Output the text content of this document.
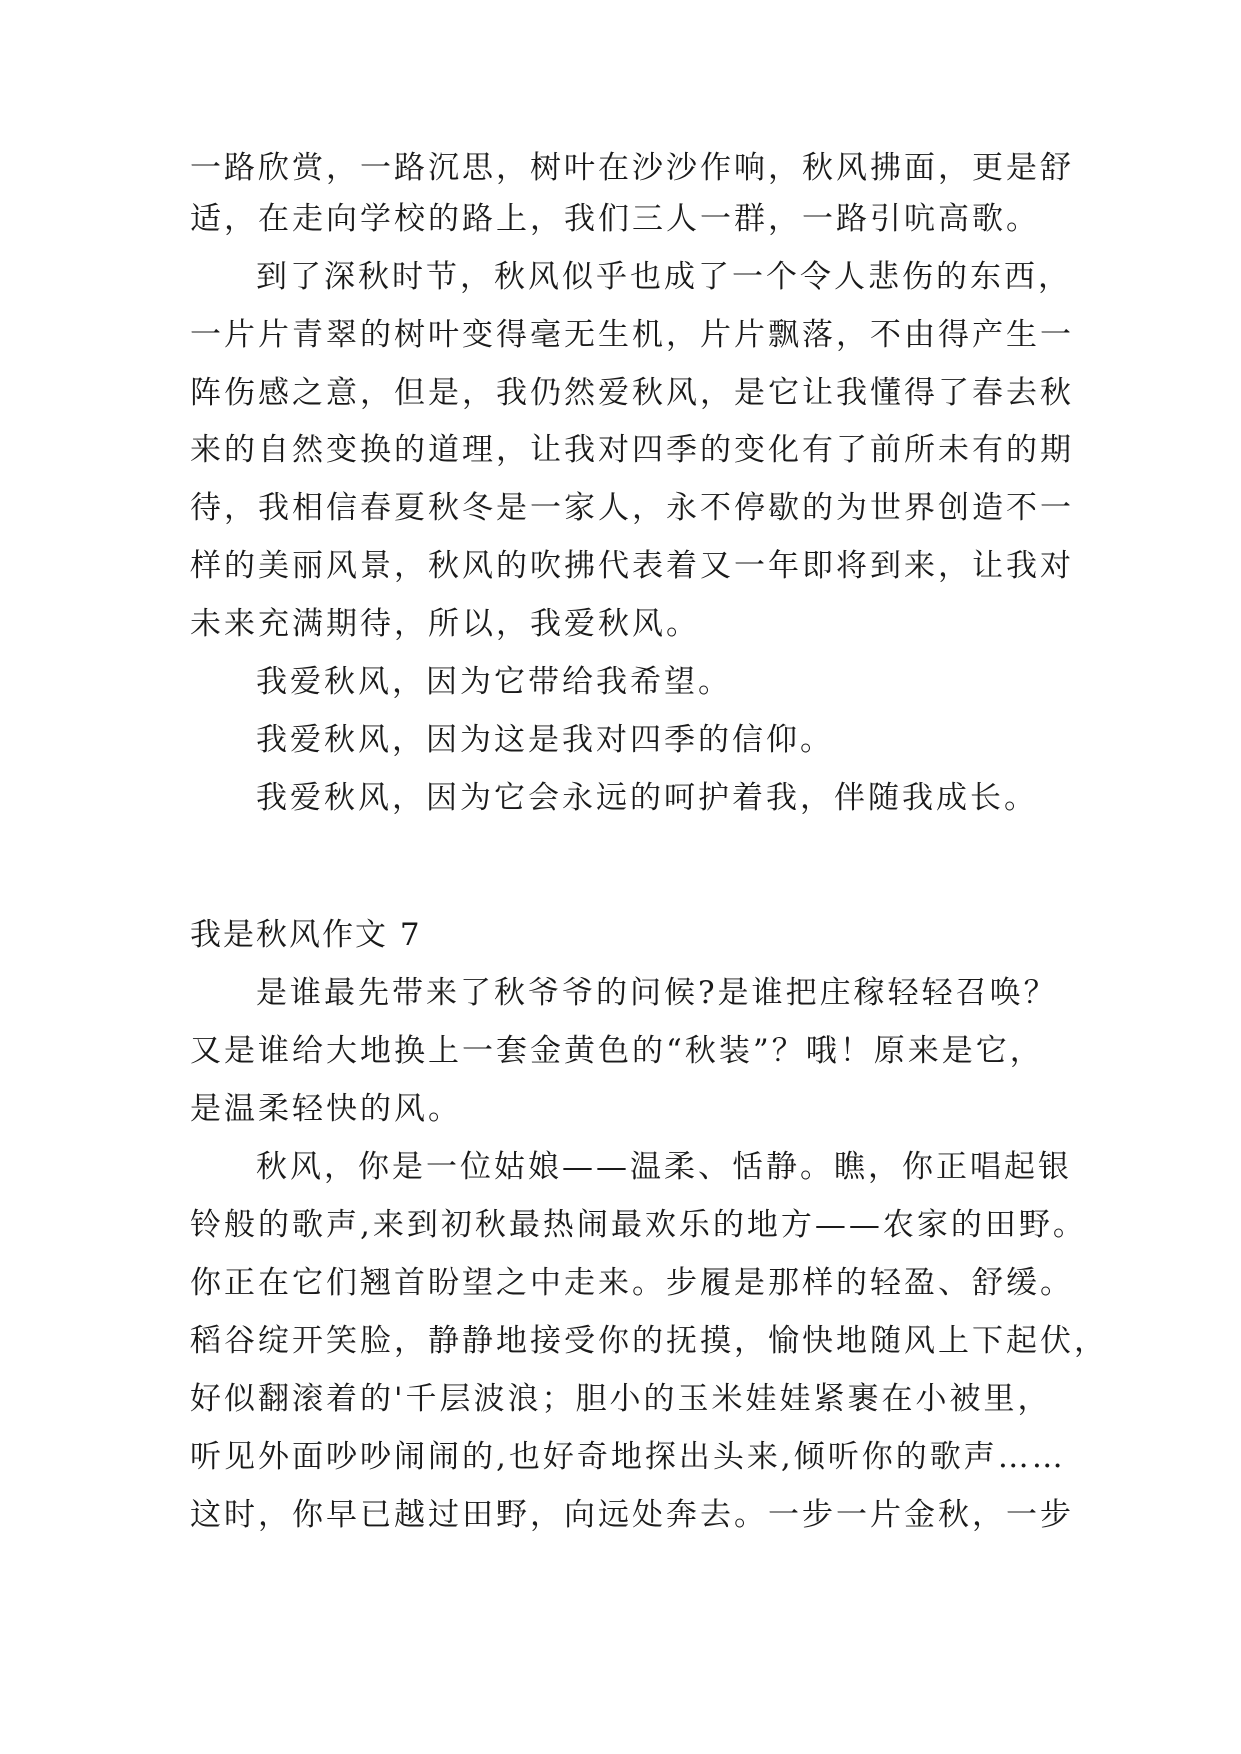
一路欣赏，一路沉思，树叶在沙沙作响，秋风拂面，更是舒
适，在走向学校的路上，我们三人一群，一路引吭高歌。
到了深秋时节，秋风似乎也成了一个令人悲伤的东西，
一片片青翠的树叶变得毫无生机，片片飘落，不由得产生一
阵伤感之意，但是，我仍然爱秋风，是它让我懂得了春去秋
来的自然变换的道理，让我对四季的变化有了前所未有的期
待，我相信春夏秋冬是一家人，永不停歇的为世界创造不一
样的美丽风景，秋风的吹拂代表着又一年即将到来，让我对
未来充满期待，所以，我爱秋风。
我爱秋风，因为它带给我希望。
我爱秋风，因为这是我对四季的信仰。
我爱秋风，因为它会永远的呵护着我，伴随我成长。
我是秋风作文 7
是谁最先带来了秋爷爷的问候?是谁把庄稼轻轻召唤？
又是谁给大地换上一套金黄色的“秋装”？哦！原来是它，
是温柔轻快的风。
秋风，你是一位姑娘——温柔、恬静。瞧，你正唱起银
铃般的歌声,来到初秋最热闹最欢乐的地方——农家的田野。
你正在它们翘首盼望之中走来。步履是那样的轻盈、舒缓。
稻谷绽开笑脸，静静地接受你的抚摸，愉快地随风上下起伏，
好似翻滚着的'千层波浪；胆小的玉米娃娃紧裹在小被里，
听见外面吵吵闹闹的,也好奇地探出头来,倾听你的歌声……
这时，你早已越过田野，向远处奔去。一步一片金秋，一步
